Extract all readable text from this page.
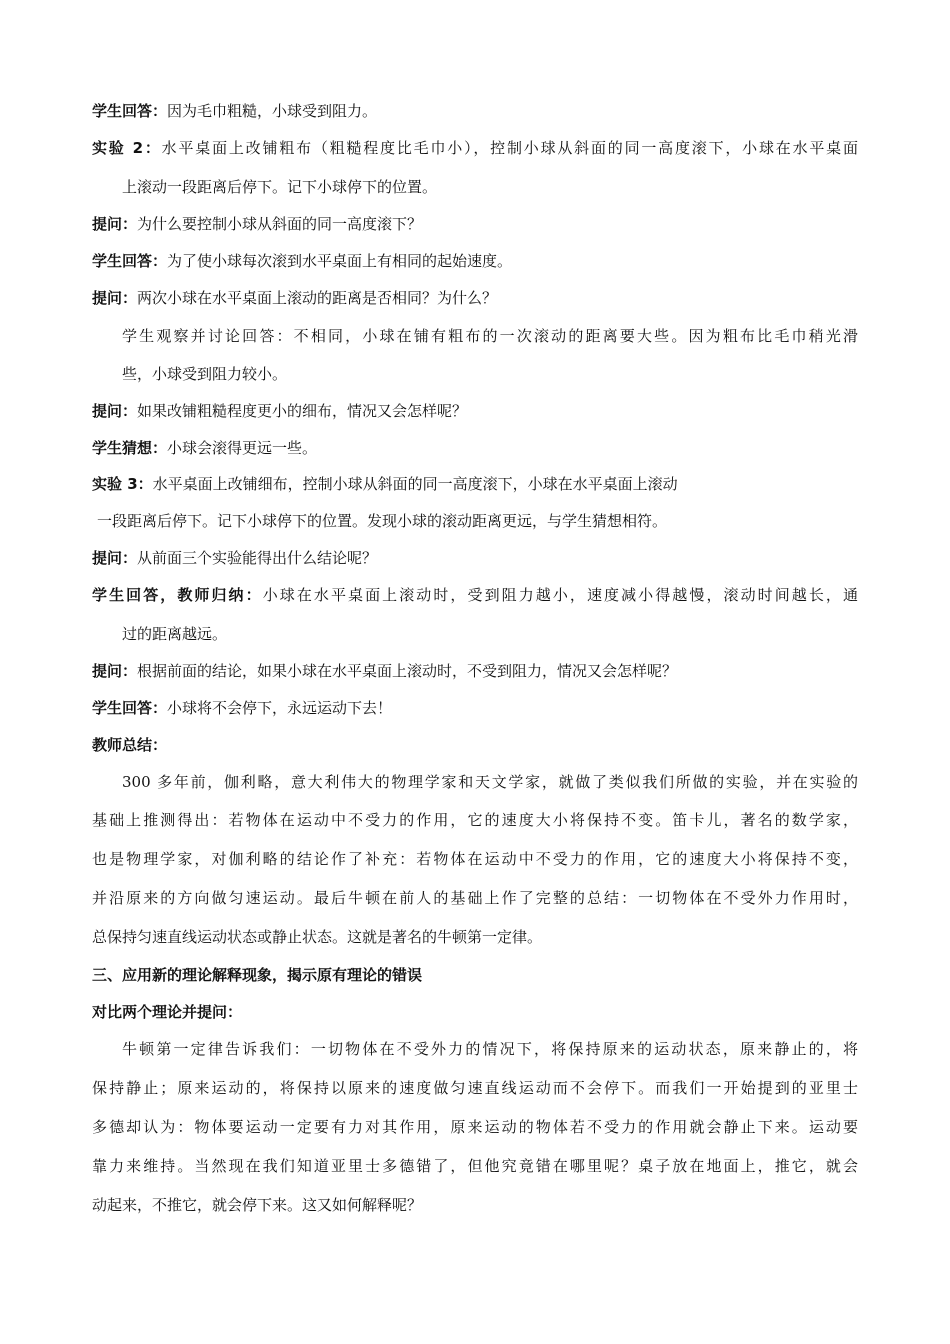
学生回答：因为毛巾粗糙，小球受到阻力。
实验 2：水平桌面上改铺粗布（粗糙程度比毛巾小），控制小球从斜面的同一高度滚下，小球在水平桌面
上滚动一段距离后停下。记下小球停下的位置。
提问：为什么要控制小球从斜面的同一高度滚下？
学生回答：为了使小球每次滚到水平桌面上有相同的起始速度。
提问：两次小球在水平桌面上滚动的距离是否相同？为什么？
学生观察并讨论回答：不相同，小球在铺有粗布的一次滚动的距离要大些。因为粗布比毛巾稍光滑
些，小球受到阻力较小。
提问：如果改铺粗糙程度更小的细布，情况又会怎样呢？
学生猜想：小球会滚得更远一些。
实验 3：水平桌面上改铺细布，控制小球从斜面的同一高度滚下，小球在水平桌面上滚动
一段距离后停下。记下小球停下的位置。发现小球的滚动距离更远，与学生猜想相符。
提问：从前面三个实验能得出什么结论呢？
学生回答，教师归纳：小球在水平桌面上滚动时，受到阻力越小，速度减小得越慢，滚动时间越长，通
过的距离越远。
提问：根据前面的结论，如果小球在水平桌面上滚动时，不受到阻力，情况又会怎样呢？
学生回答：小球将不会停下，永远运动下去！
教师总结：
300 多年前，伽利略，意大利伟大的物理学家和天文学家，就做了类似我们所做的实验，并在实验的
基础上推测得出：若物体在运动中不受力的作用，它的速度大小将保持不变。笛卡儿，著名的数学家，
也是物理学家，对伽利略的结论作了补充：若物体在运动中不受力的作用，它的速度大小将保持不变，
并沿原来的方向做匀速运动。最后牛顿在前人的基础上作了完整的总结：一切物体在不受外力作用时，
总保持匀速直线运动状态或静止状态。这就是著名的牛顿第一定律。
三、应用新的理论解释现象，揭示原有理论的错误
对比两个理论并提问：
牛顿第一定律告诉我们：一切物体在不受外力的情况下，将保持原来的运动状态，原来静止的，将
保持静止；原来运动的，将保持以原来的速度做匀速直线运动而不会停下。而我们一开始提到的亚里士
多德却认为：物体要运动一定要有力对其作用，原来运动的物体若不受力的作用就会静止下来。运动要
靠力来维持。当然现在我们知道亚里士多德错了，但他究竟错在哪里呢？桌子放在地面上，推它，就会
动起来，不推它，就会停下来。这又如何解释呢？
